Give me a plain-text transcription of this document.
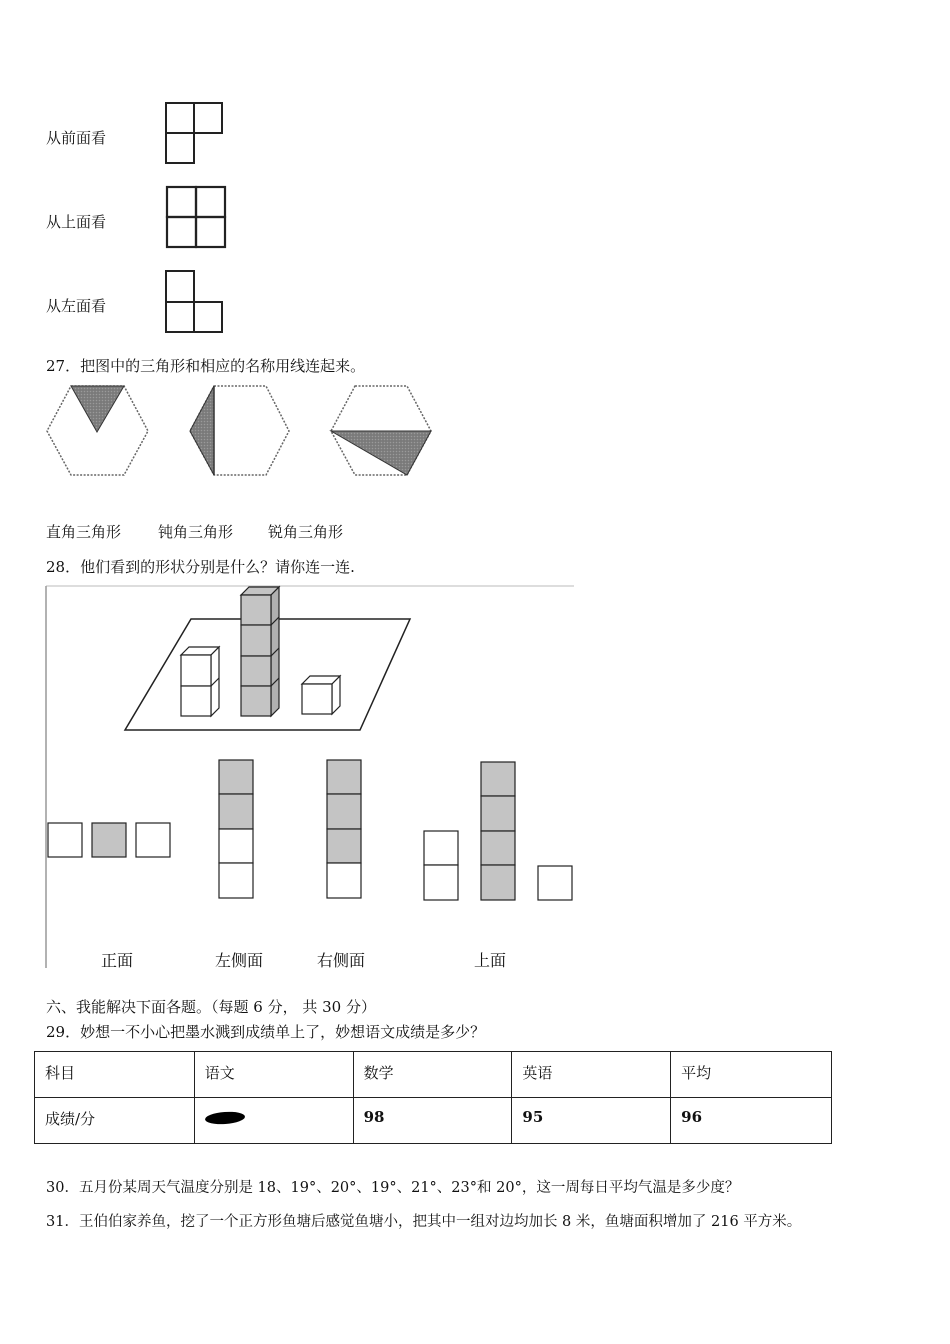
从前面看
从上面看
从左面看
27．把图中的三角形和相应的名称用线连起来。
直角三角形 钝角三角形 锐角三角形
28．他们看到的形状分别是什么？请你连一连.
正面	左侧面	右侧面	上面
六、我能解决下面各题。（每题 6 分， 共 30 分）
29．妙想一不小心把墨水溅到成绩单上了，妙想语文成绩是多少？
科目	语文	数学	英语	平均
成绩/分		98	95	96
30．五月份某周天气温度分别是 18、19°、20°、19°、21°、23°和 20°，这一周每日平均气温是多少度？
31．王伯伯家养鱼，挖了一个正方形鱼塘后感觉鱼塘小，把其中一组对边均加长 8 米，鱼塘面积增加了 216 平方米。
